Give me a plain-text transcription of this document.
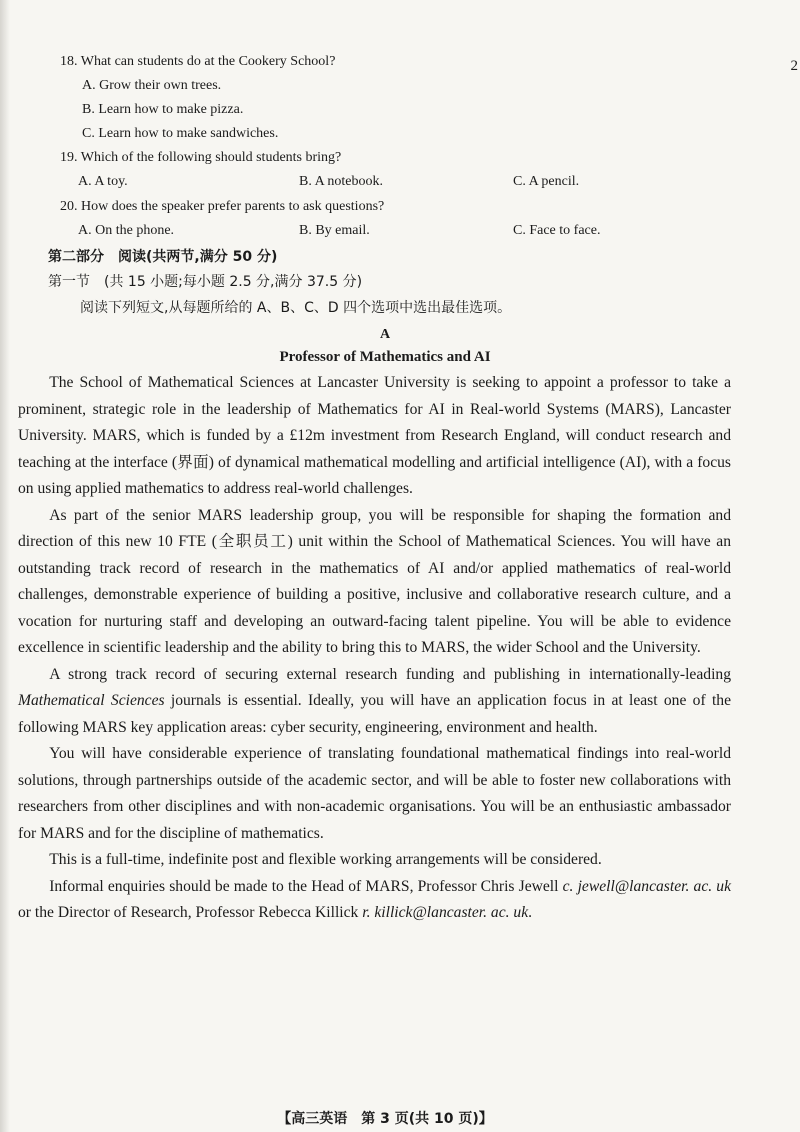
2
18. What can students do at the Cookery School?
A. Grow their own trees.
B. Learn how to make pizza.
C. Learn how to make sandwiches.
19. Which of the following should students bring?
A. A toy.	B. A notebook.	C. A pencil.
20. How does the speaker prefer parents to ask questions?
A. On the phone.	B. By email.	C. Face to face.
第二部分　阅读(共两节,满分 50 分)
第一节　(共 15 小题;每小题 2.5 分,满分 37.5 分)
阅读下列短文,从每题所给的 A、B、C、D 四个选项中选出最佳选项。
A
Professor of Mathematics and AI

The School of Mathematical Sciences at Lancaster University is seeking to appoint a professor to take a prominent, strategic role in the leadership of Mathematics for AI in Real-world Systems (MARS), Lancaster University. MARS, which is funded by a £12m investment from Research England, will conduct research and teaching at the interface (界面) of dynamical mathematical modelling and artificial intelligence (AI), with a focus on using applied mathematics to address real-world challenges.

As part of the senior MARS leadership group, you will be responsible for shaping the formation and direction of this new 10 FTE (全职员工) unit within the School of Mathematical Sciences. You will have an outstanding track record of research in the mathematics of AI and/or applied mathematics of real-world challenges, demonstrable experience of building a positive, inclusive and collaborative research culture, and a vocation for nurturing staff and developing an outward-facing talent pipeline. You will be able to evidence excellence in scientific leadership and the ability to bring this to MARS, the wider School and the University.

A strong track record of securing external research funding and publishing in internationally-leading Mathematical Sciences journals is essential. Ideally, you will have an application focus in at least one of the following MARS key application areas: cyber security, engineering, environment and health.

You will have considerable experience of translating foundational mathematical findings into real-world solutions, through partnerships outside of the academic sector, and will be able to foster new collaborations with researchers from other disciplines and with non-academic organisations. You will be an enthusiastic ambassador for MARS and for the discipline of mathematics.

This is a full-time, indefinite post and flexible working arrangements will be considered.

Informal enquiries should be made to the Head of MARS, Professor Chris Jewell c. jewell@lancaster. ac. uk or the Director of Research, Professor Rebecca Killick r. killick@lancaster. ac. uk.

【高三英语　第 3 页(共 10 页)】
